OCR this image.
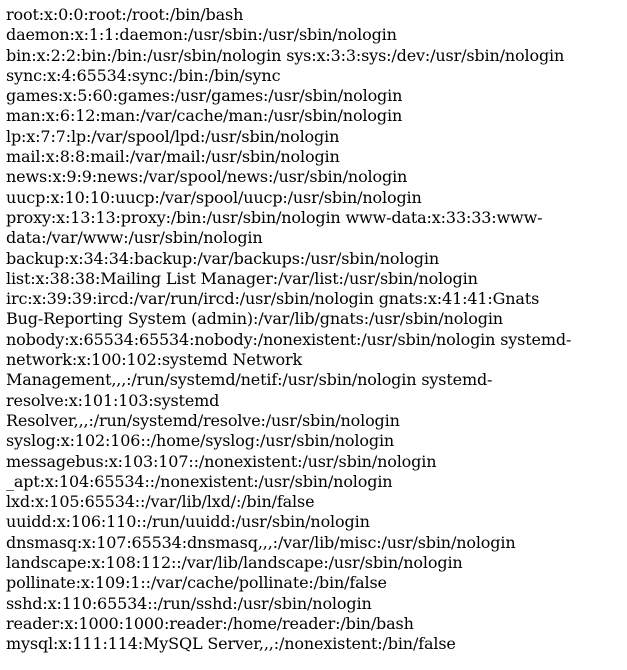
root:x:0:0:root:/root:/bin/bash
daemon:x:1:1:daemon:/usr/sbin:/usr/sbin/nologin
bin:x:2:2:bin:/bin:/usr/sbin/nologin sys:x:3:3:sys:/dev:/usr/sbin/nologin
sync:x:4:65534:sync:/bin:/bin/sync
games:x:5:60:games:/usr/games:/usr/sbin/nologin
man:x:6:12:man:/var/cache/man:/usr/sbin/nologin
lp:x:7:7:lp:/var/spool/lpd:/usr/sbin/nologin
mail:x:8:8:mail:/var/mail:/usr/sbin/nologin
news:x:9:9:news:/var/spool/news:/usr/sbin/nologin
uucp:x:10:10:uucp:/var/spool/uucp:/usr/sbin/nologin
proxy:x:13:13:proxy:/bin:/usr/sbin/nologin www-data:x:33:33:www-
data:/var/www:/usr/sbin/nologin
backup:x:34:34:backup:/var/backups:/usr/sbin/nologin
list:x:38:38:Mailing List Manager:/var/list:/usr/sbin/nologin
irc:x:39:39:ircd:/var/run/ircd:/usr/sbin/nologin gnats:x:41:41:Gnats
Bug-Reporting System (admin):/var/lib/gnats:/usr/sbin/nologin
nobody:x:65534:65534:nobody:/nonexistent:/usr/sbin/nologin systemd-
network:x:100:102:systemd Network
Management,,,:/run/systemd/netif:/usr/sbin/nologin systemd-
resolve:x:101:103:systemd
Resolver,,,:/run/systemd/resolve:/usr/sbin/nologin
syslog:x:102:106::/home/syslog:/usr/sbin/nologin
messagebus:x:103:107::/nonexistent:/usr/sbin/nologin
_apt:x:104:65534::/nonexistent:/usr/sbin/nologin
lxd:x:105:65534::/var/lib/lxd/:/bin/false
uuidd:x:106:110::/run/uuidd:/usr/sbin/nologin
dnsmasq:x:107:65534:dnsmasq,,,:/var/lib/misc:/usr/sbin/nologin
landscape:x:108:112::/var/lib/landscape:/usr/sbin/nologin
pollinate:x:109:1::/var/cache/pollinate:/bin/false
sshd:x:110:65534::/run/sshd:/usr/sbin/nologin
reader:x:1000:1000:reader:/home/reader:/bin/bash
mysql:x:111:114:MySQL Server,,,:/nonexistent:/bin/false
